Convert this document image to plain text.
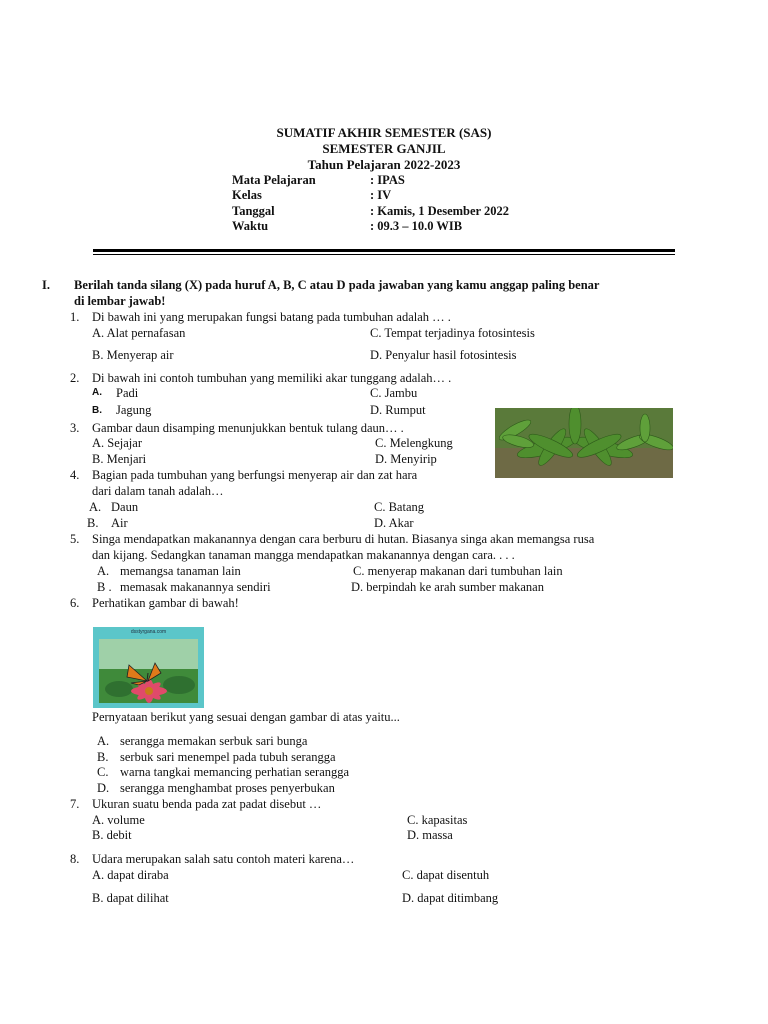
SUMATIF AKHIR SEMESTER (SAS)
SEMESTER GANJIL
Tahun Pelajaran 2022-2023
Mata Pelajaran	: IPAS
Kelas	: IV
Tanggal	: Kamis, 1 Desember 2022
Waktu	: 09.3 – 10.0 WIB
I. Berilah tanda silang (X) pada huruf A, B, C atau D pada jawaban yang kamu anggap paling benar
di lembar jawab!
1. Di bawah ini yang merupakan fungsi batang pada tumbuhan adalah … .
A. Alat pernafasan	C. Tempat terjadinya fotosintesis
B. Menyerap air	D. Penyalur hasil fotosintesis
2. Di bawah ini contoh tumbuhan yang memiliki akar tunggang adalah… .
A. Padi	C. Jambu
B. Jagung	D. Rumput
3. Gambar daun disamping menunjukkan bentuk tulang daun… .
A. Sejajar	C. Melengkung
B. Menjari	D. Menyirip
4. Bagian pada tumbuhan yang berfungsi menyerap air dan zat hara
dari dalam tanah adalah…
A. Daun	C. Batang
B. Air	D. Akar
5. Singa mendapatkan makanannya dengan cara berburu di hutan. Biasanya singa akan memangsa rusa
dan kijang. Sedangkan tanaman mangga mendapatkan makanannya dengan cara. . . .
A. memangsa tanaman lain	C. menyerap makanan dari tumbuhan lain
B . memasak makanannya sendiri	D. berpindah ke arah sumber makanan
6. Perhatikan gambar di bawah!
dsstyrgana.com
Pernyataan berikut yang sesuai dengan gambar di atas yaitu...
A. serangga memakan serbuk sari bunga
B. serbuk sari menempel pada tubuh serangga
C. warna tangkai memancing perhatian serangga
D. serangga menghambat proses penyerbukan
7. Ukuran suatu benda pada zat padat disebut …
A. volume	C. kapasitas
B. debit	D. massa
8. Udara merupakan salah satu contoh materi karena…
A. dapat diraba	C. dapat disentuh
B. dapat dilihat	D. dapat ditimbang
